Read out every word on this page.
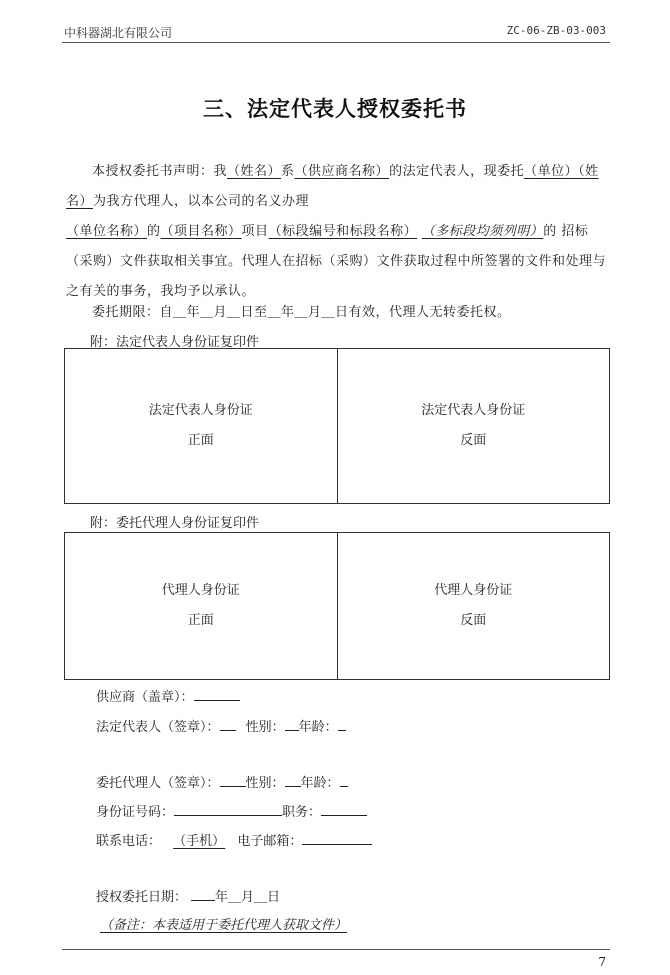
中科器湖北有限公司	ZC-06-ZB-03-003
三、法定代表人授权委托书
本授权委托书声明：我（姓名）系（供应商名称）的法定代表人，现委托（单位）（姓名）为我方代理人，以本公司的名义办理
（单位名称）的（项目名称）项目（标段编号和标段名称） （多标段均须列明）的 招标（采购）文件获取相关事宜。代理人在招标（采购）文件获取过程中所签署的文件和处理与之有关的事务，我均予以承认。
委托期限：自＿年＿月＿日至＿年＿月＿日有效，代理人无转委托权。
附：法定代表人身份证复印件
法定代表人身份证
正面
法定代表人身份证
反面
附：委托代理人身份证复印件
代理人身份证
正面
代理人身份证
反面
供应商（盖章）：
法定代表人（签章）： 性别： 年龄：
委托代理人（签章）： 性别： 年龄：
身份证号码：	职务：
联系电话： （手机） 电子邮箱：
授权委托日期： 年＿月＿日
（备注：本表适用于委托代理人获取文件）
7
